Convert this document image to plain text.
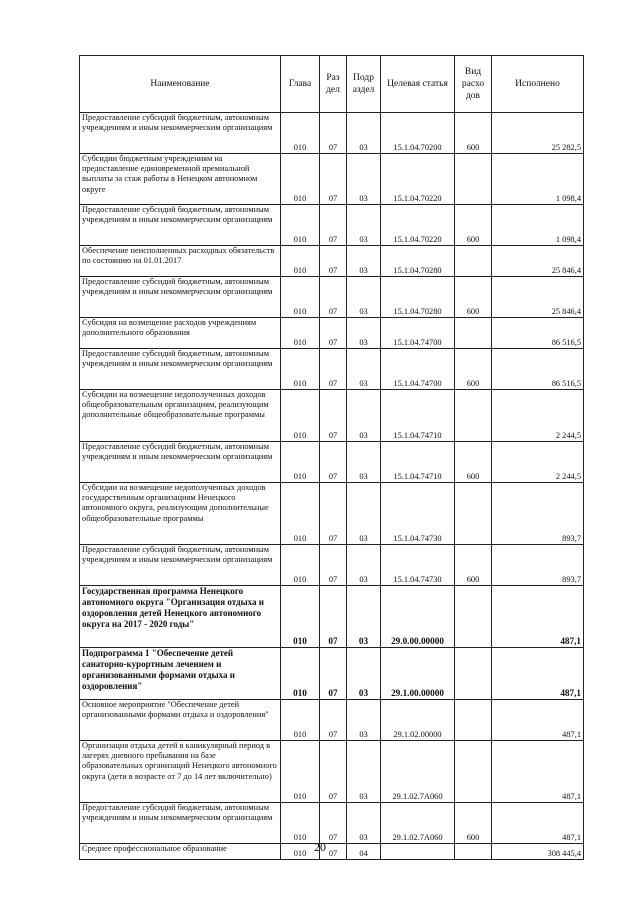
Наименование	Глава	Раз дел	Подр аздел	Целевая статья	Вид расхо дов	Исполнено
Предоставление субсидий бюджетным, автономным учреждениям и иным некоммерческим организациям	010	07	03	15.1.04.70200	600	25 282,5
Субсидии бюджетным учреждениям на предоставление единовременной премиальной выплаты за стаж работы в Ненецком автономном округе	010	07	03	15.1.04.70220		1 098,4
Предоставление субсидий бюджетным, автономным учреждениям и иным некоммерческим организациям	010	07	03	15.1.04.70220	600	1 098,4
Обеспечение неисполненных расходных обязательств по состоянию на 01.01.2017	010	07	03	15.1.04.70280		25 846,4
Предоставление субсидий бюджетным, автономным учреждениям и иным некоммерческим организациям	010	07	03	15.1.04.70280	600	25 846,4
Субсидия на возмещение расходов учреждениям дополнительного образования	010	07	03	15.1.04.74700		86 516,5
Предоставление субсидий бюджетным, автономным учреждениям и иным некоммерческим организациям	010	07	03	15.1.04.74700	600	86 516,5
Субсидии на возмещение недополученных доходов общеобразовательным организациям, реализующим дополнительные общеобразовательные программы	010	07	03	15.1.04.74710		2 244,5
Предоставление субсидий бюджетным, автономным учреждениям и иным некоммерческим организациям	010	07	03	15.1.04.74710	600	2 244,5
Субсидии на возмещение недополученных доходов государственным организациям Ненецкого автономного округа, реализующим дополнительные общеобразовательные программы	010	07	03	15.1.04.74730		893,7
Предоставление субсидий бюджетным, автономным учреждениям и иным некоммерческим организациям	010	07	03	15.1.04.74730	600	893,7
Государственная программа Ненецкого автономного округа "Организация отдыха и оздоровления детей Ненецкого автономного округа на 2017 - 2020 годы"	010	07	03	29.0.00.00000		487,1
Подпрограмма 1 "Обеспечение детей санаторно-курортным лечением и организованными формами отдыха и оздоровления"	010	07	03	29.1.00.00000		487,1
Основное мероприятие "Обеспечение детей организованными формами отдыха и оздоровления"	010	07	03	29.1.02.00000		487,1
Организация отдыха детей в каникулярный период в лагерях дневного пребывания на базе образовательных организаций Ненецкого автономного округа (дети в возрасте от 7 до 14 лет включительно)	010	07	03	29.1.02.7А060		487,1
Предоставление субсидий бюджетным, автономным учреждениям и иным некоммерческим организациям	010	07	03	29.1.02.7А060	600	487,1
Среднее профессиональное образование	010	07	04			308 445,4
20
